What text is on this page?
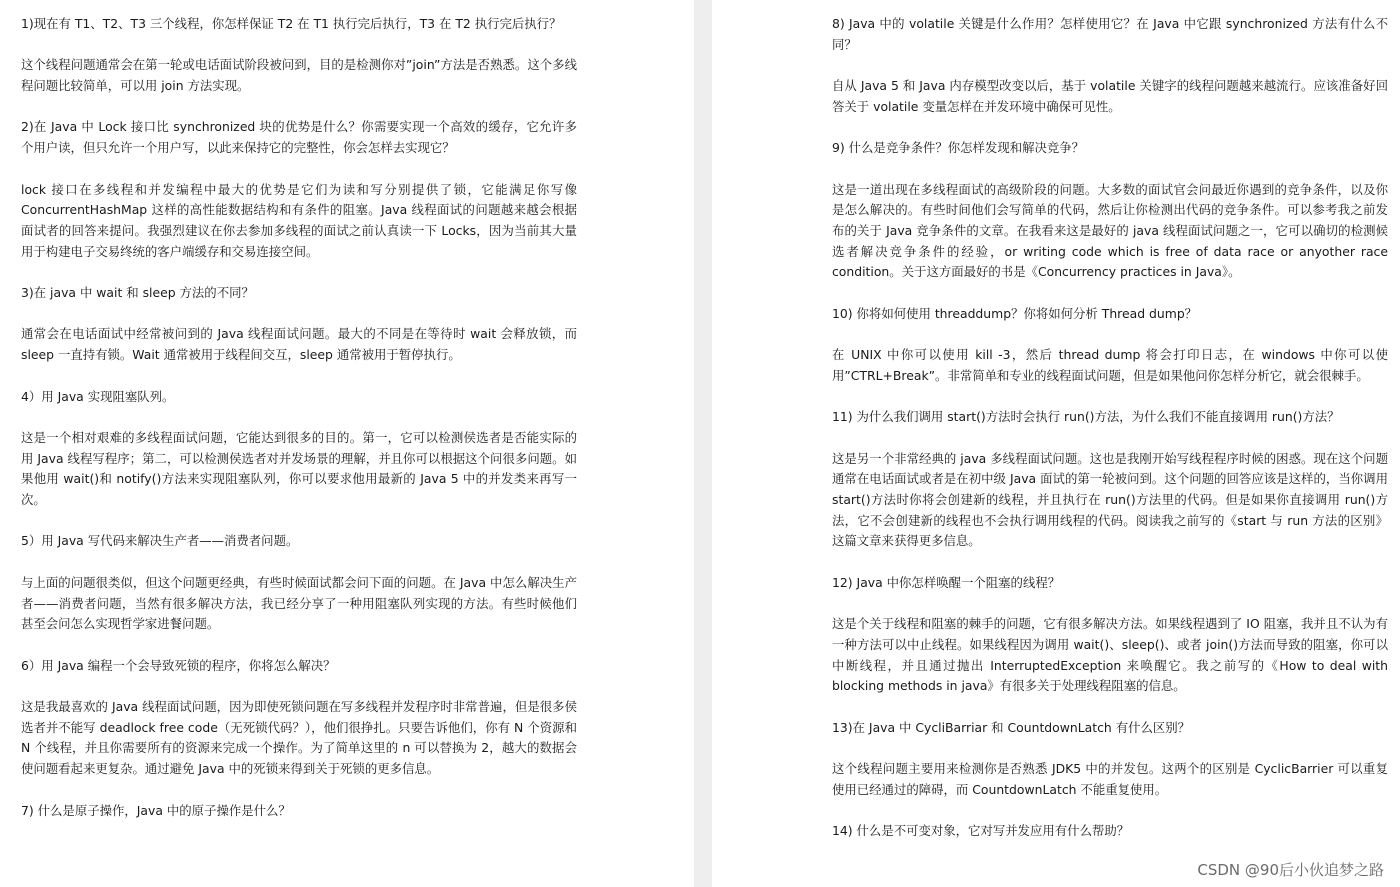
1)现在有 T1、T2、T3 三个线程，你怎样保证 T2 在 T1 执行完后执行，T3 在 T2 执行完后执行？

这个线程问题通常会在第一轮或电话面试阶段被问到，目的是检测你对”join”方法是否熟悉。这个多线程问题比较简单，可以用 join 方法实现。

2)在 Java 中 Lock 接口比 synchronized 块的优势是什么？你需要实现一个高效的缓存，它允许多个用户读，但只允许一个用户写，以此来保持它的完整性，你会怎样去实现它？

lock 接口在多线程和并发编程中最大的优势是它们为读和写分别提供了锁，它能满足你写像 ConcurrentHashMap 这样的高性能数据结构和有条件的阻塞。Java 线程面试的问题越来越会根据面试者的回答来提问。我强烈建议在你去参加多线程的面试之前认真读一下 Locks，因为当前其大量用于构建电子交易终统的客户端缓存和交易连接空间。

3)在 java 中 wait 和 sleep 方法的不同？

通常会在电话面试中经常被问到的 Java 线程面试问题。最大的不同是在等待时 wait 会释放锁，而 sleep 一直持有锁。Wait 通常被用于线程间交互，sleep 通常被用于暂停执行。

4）用 Java 实现阻塞队列。

这是一个相对艰难的多线程面试问题，它能达到很多的目的。第一，它可以检测侯选者是否能实际的用 Java 线程写程序；第二，可以检测侯选者对并发场景的理解，并且你可以根据这个问很多问题。如果他用 wait()和 notify()方法来实现阻塞队列，你可以要求他用最新的 Java 5 中的并发类来再写一次。

5）用 Java 写代码来解决生产者——消费者问题。

与上面的问题很类似，但这个问题更经典，有些时候面试都会问下面的问题。在 Java 中怎么解决生产者——消费者问题，当然有很多解决方法，我已经分享了一种用阻塞队列实现的方法。有些时候他们甚至会问怎么实现哲学家进餐问题。

6）用 Java 编程一个会导致死锁的程序，你将怎么解决？

这是我最喜欢的 Java 线程面试问题，因为即使死锁问题在写多线程并发程序时非常普遍，但是很多侯选者并不能写 deadlock free code（无死锁代码？），他们很挣扎。只要告诉他们，你有 N 个资源和 N 个线程，并且你需要所有的资源来完成一个操作。为了简单这里的 n 可以替换为 2，越大的数据会使问题看起来更复杂。通过避免 Java 中的死锁来得到关于死锁的更多信息。

7) 什么是原子操作，Java 中的原子操作是什么？

8) Java 中的 volatile 关键是什么作用？怎样使用它？在 Java 中它跟 synchronized 方法有什么不同？

自从 Java 5 和 Java 内存模型改变以后，基于 volatile 关键字的线程问题越来越流行。应该准备好回答关于 volatile 变量怎样在并发环境中确保可见性。

9) 什么是竞争条件？你怎样发现和解决竞争？

这是一道出现在多线程面试的高级阶段的问题。大多数的面试官会问最近你遇到的竞争条件，以及你是怎么解决的。有些时间他们会写简单的代码，然后让你检测出代码的竞争条件。可以参考我之前发布的关于 Java 竞争条件的文章。在我看来这是最好的 java 线程面试问题之一，它可以确切的检测候选者解决竞争条件的经验，or writing code which is free of data race or anyother race condition。关于这方面最好的书是《Concurrency practices in Java》。

10) 你将如何使用 threaddump？你将如何分析 Thread dump？

在 UNIX 中你可以使用 kill -3，然后 thread dump 将会打印日志，在 windows 中你可以使用”CTRL+Break”。非常简单和专业的线程面试问题，但是如果他问你怎样分析它，就会很棘手。

11) 为什么我们调用 start()方法时会执行 run()方法，为什么我们不能直接调用 run()方法？

这是另一个非常经典的 java 多线程面试问题。这也是我刚开始写线程程序时候的困惑。现在这个问题通常在电话面试或者是在初中级 Java 面试的第一轮被问到。这个问题的回答应该是这样的，当你调用 start()方法时你将会创建新的线程，并且执行在 run()方法里的代码。但是如果你直接调用 run()方法，它不会创建新的线程也不会执行调用线程的代码。阅读我之前写的《start 与 run 方法的区别》这篇文章来获得更多信息。

12) Java 中你怎样唤醒一个阻塞的线程？

这是个关于线程和阻塞的棘手的问题，它有很多解决方法。如果线程遇到了 IO 阻塞，我并且不认为有一种方法可以中止线程。如果线程因为调用 wait()、sleep()、或者 join()方法而导致的阻塞，你可以中断线程，并且通过抛出 InterruptedException 来唤醒它。我之前写的《How to deal with blocking methods in java》有很多关于处理线程阻塞的信息。

13)在 Java 中 CycliBarriar 和 CountdownLatch 有什么区别？

这个线程问题主要用来检测你是否熟悉 JDK5 中的并发包。这两个的区别是 CyclicBarrier 可以重复使用已经通过的障碍，而 CountdownLatch 不能重复使用。

14) 什么是不可变对象，它对写并发应用有什么帮助？

CSDN @90后小伙追梦之路
